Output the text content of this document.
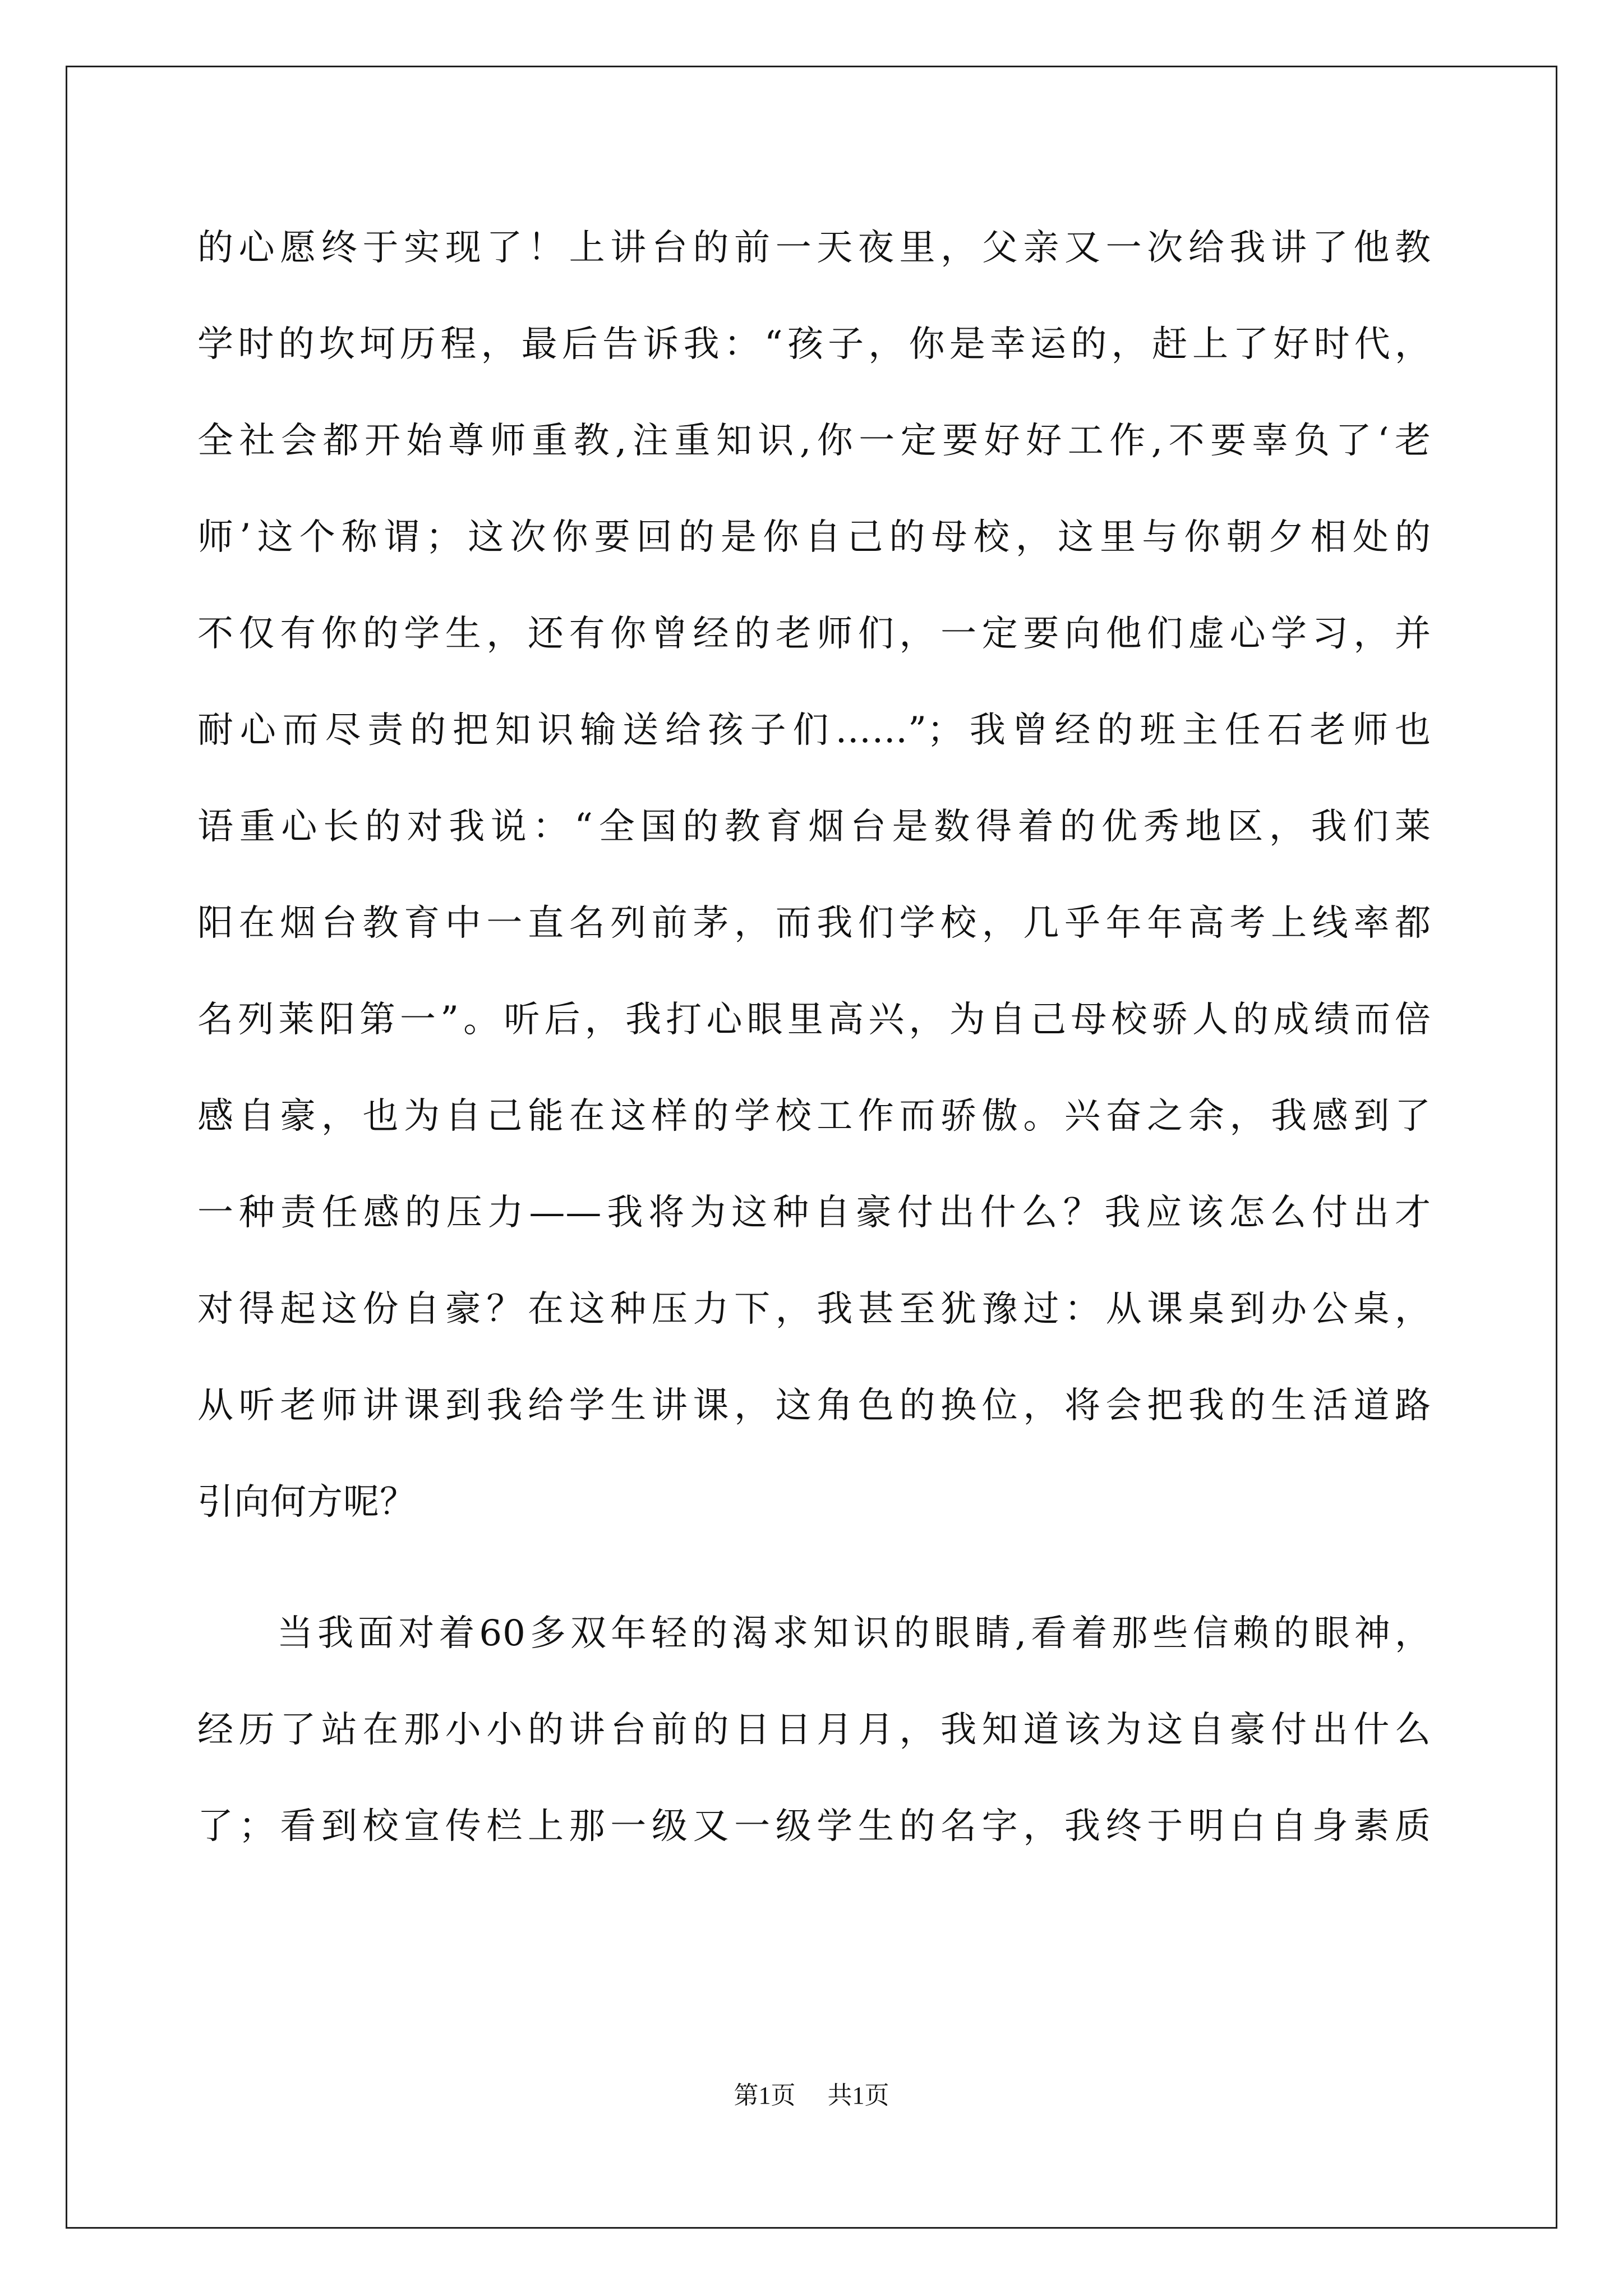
的心愿终于实现了！上讲台的前一天夜里，父亲又一次给我讲了他教
学时的坎坷历程，最后告诉我：“孩子，你是幸运的，赶上了好时代，
全社会都开始尊师重教,注重知识,你一定要好好工作,不要辜负了‘老
师’这个称谓；这次你要回的是你自己的母校，这里与你朝夕相处的
不仅有你的学生，还有你曾经的老师们，一定要向他们虚心学习，并
耐心而尽责的把知识输送给孩子们……”；我曾经的班主任石老师也
语重心长的对我说：“全国的教育烟台是数得着的优秀地区，我们莱
阳在烟台教育中一直名列前茅，而我们学校，几乎年年高考上线率都
名列莱阳第一”。听后，我打心眼里高兴，为自己母校骄人的成绩而倍
感自豪，也为自己能在这样的学校工作而骄傲。兴奋之余，我感到了
一种责任感的压力——我将为这种自豪付出什么？我应该怎么付出才
对得起这份自豪？在这种压力下，我甚至犹豫过：从课桌到办公桌，
从听老师讲课到我给学生讲课，这角色的换位，将会把我的生活道路
引向何方呢？
当我面对着60多双年轻的渴求知识的眼睛,看着那些信赖的眼神，
经历了站在那小小的讲台前的日日月月，我知道该为这自豪付出什么
了；看到校宣传栏上那一级又一级学生的名字，我终于明白自身素质
第1页 共1页
